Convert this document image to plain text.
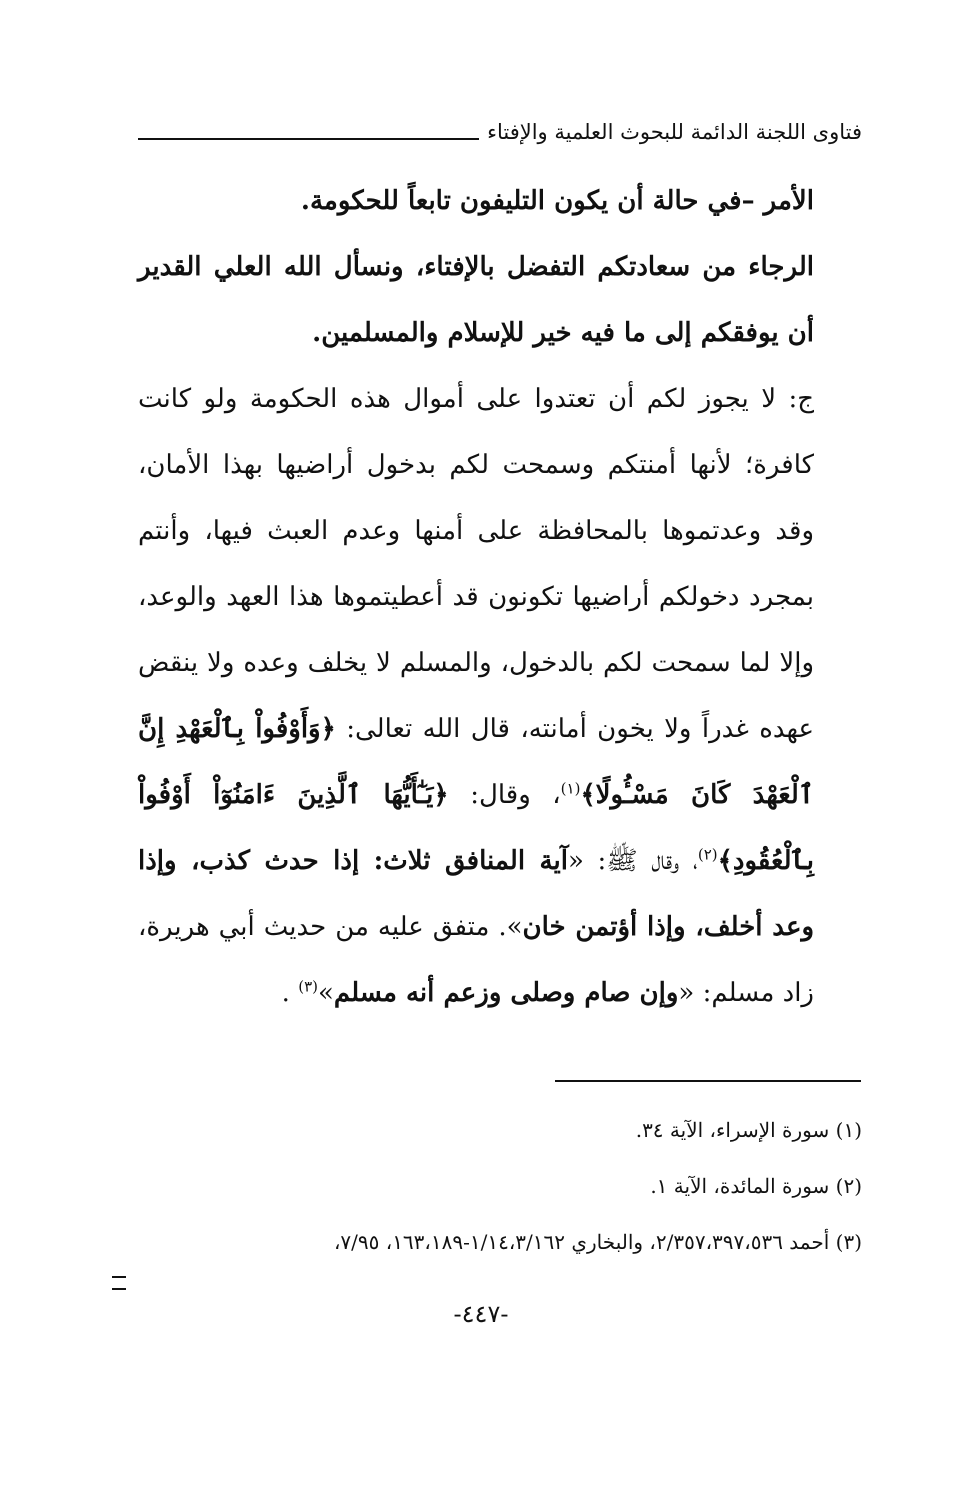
فتاوى اللجنة الدائمة للبحوث العلمية والإفتاء

الأمر –في حالة أن يكون التليفون تابعاً للحكومة.

الرجاء من سعادتكم التفضل بالإفتاء، ونسأل الله العلي القدير أن يوفقكم إلى ما فيه خير للإسلام والمسلمين.

ج: لا يجوز لكم أن تعتدوا على أموال هذه الحكومة ولو كانت كافرة؛ لأنها أمنتكم وسمحت لكم بدخول أراضيها بهذا الأمان، وقد وعدتموها بالمحافظة على أمنها وعدم العبث فيها، وأنتم بمجرد دخولكم أراضيها تكونون قد أعطيتموها هذا العهد والوعد، وإلا لما سمحت لكم بالدخول، والمسلم لا يخلف وعده ولا ينقض عهده غدراً ولا يخون أمانته، قال الله تعالى: ﴿وَأَوْفُواْ بِٱلْعَهْدِ إِنَّ ٱلْعَهْدَ كَانَ مَسْـُٔولًا﴾$^{(١)}$، وقال: ﴿يَـٰٓأَيُّهَا ٱلَّذِينَ ءَامَنُوٓاْ أَوْفُواْ بِٱلْعُقُودِ﴾$^{(٢)}$، وقال ﷺ: «آية المنافق ثلاث: إذا حدث كذب، وإذا وعد أخلف، وإذا أؤتمن خان». متفق عليه من حديث أبي هريرة، زاد مسلم: «وإن صام وصلى وزعم أنه مسلم»$^{(٣)}$ .

(١) سورة الإسراء، الآية ٣٤.

(٢) سورة المائدة، الآية ١.

(٣) أحمد ٢/٣٥٧،٣٩٧،٥٣٦، والبخاري ١/١٤،٣/١٦٢-١٦٣،١٨٩، ٧/٩٥،

-٤٤٧-
